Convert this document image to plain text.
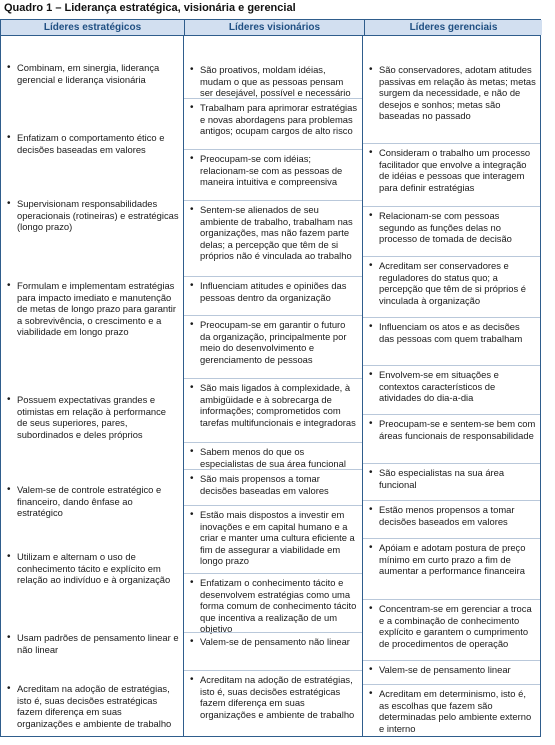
Quadro 1 – Liderança estratégica, visionária e gerencial
Líderes estratégicos	Líderes visionários	Líderes gerenciais
• Combinam, em sinergia, liderança gerencial e liderança visionária
• Enfatizam o comportamento ético e decisões baseadas em valores
• Supervisionam responsabilidades operacionais (rotineiras) e estratégicas (longo prazo)
• Formulam e implementam estratégias para impacto imediato e manutenção de metas de longo prazo para garantir a sobrevivência, o crescimento e a viabilidade em longo prazo
• Possuem expectativas grandes e otimistas em relação à performance de seus superiores, pares, subordinados e deles próprios
• Valem-se de controle estratégico e financeiro, dando ênfase ao estratégico
• Utilizam e alternam o uso de conhecimento tácito e explícito em relação ao indivíduo e à organização
• Usam padrões de pensamento linear e não linear
• Acreditam na adoção de estratégias, isto é, suas decisões estratégicas fazem diferença em suas organizações e ambiente de trabalho
• São proativos, moldam idéias, mudam o que as pessoas pensam ser desejável, possível e necessário
• Trabalham para aprimorar estratégias e novas abordagens para problemas antigos; ocupam cargos de alto risco
• Preocupam-se com idéias; relacionam-se com as pessoas de maneira intuitiva e compreensiva
• Sentem-se alienados de seu ambiente de trabalho, trabalham nas organizações, mas não fazem parte delas; a percepção que têm de si próprios não é vinculada ao trabalho
• Influenciam atitudes e opiniões das pessoas dentro da organização
• Preocupam-se em garantir o futuro da organização, principalmente por meio do desenvolvimento e gerenciamento de pessoas
• São mais ligados à complexidade, à ambigüidade e à sobrecarga de informações; comprometidos com tarefas multifuncionais e integradoras
• Sabem menos do que os especialistas de sua área funcional
• São mais propensos a tomar decisões baseadas em valores
• Estão mais dispostos a investir em inovações e em capital humano e a criar e manter uma cultura eficiente a fim de assegurar a viabilidade em longo prazo
• Enfatizam o conhecimento tácito e desenvolvem estratégias como uma forma comum de conhecimento tácito que incentiva a realização de um objetivo
• Valem-se de pensamento não linear
• Acreditam na adoção de estratégias, isto é, suas decisões estratégicas fazem diferença em suas organizações e ambiente de trabalho
• São conservadores, adotam atitudes passivas em relação às metas; metas surgem da necessidade, e não de desejos e sonhos; metas são baseadas no passado
• Consideram o trabalho um processo facilitador que envolve a integração de idéias e pessoas que interagem para definir estratégias
• Relacionam-se com pessoas segundo as funções delas no processo de tomada de decisão
• Acreditam ser conservadores e reguladores do status quo; a percepção que têm de si próprios é vinculada à organização
• Influenciam os atos e as decisões das pessoas com quem trabalham
• Envolvem-se em situações e contextos característicos de atividades do dia-a-dia
• Preocupam-se e sentem-se bem com áreas funcionais de responsabilidade
• São especialistas na sua área funcional
• Estão menos propensos a tomar decisões baseados em valores
• Apóiam e adotam postura de preço mínimo em curto prazo a fim de aumentar a performance financeira
• Concentram-se em gerenciar a troca e a combinação de conhecimento explícito e garantem o cumprimento de procedimentos de operação
• Valem-se de pensamento linear
• Acreditam em determinismo, isto é, as escolhas que fazem são determinadas pelo ambiente externo e interno
